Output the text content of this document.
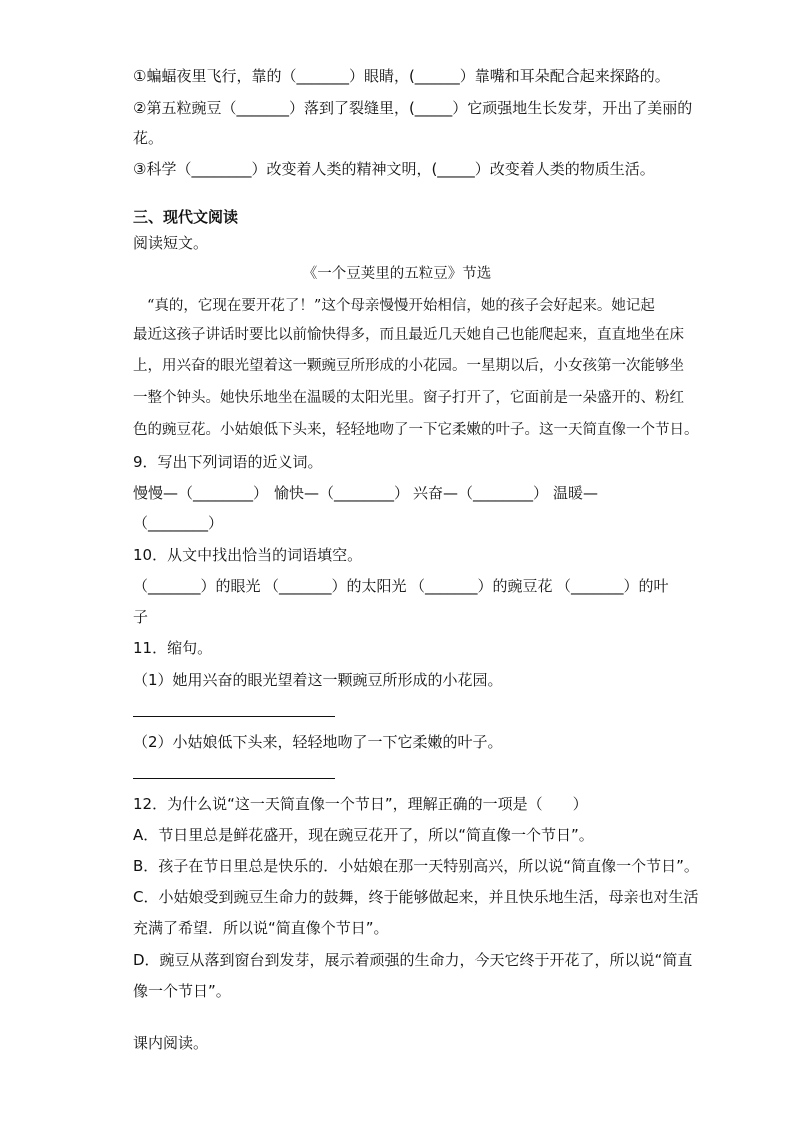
①蝙蝠夜里飞行，靠的（_______）眼睛，(______）靠嘴和耳朵配合起来探路的。
②第五粒豌豆（_______）落到了裂缝里，(_____）它顽强地生长发芽，开出了美丽的
花。
③科学（________）改变着人类的精神文明，(_____）改变着人类的物质生活。
三、现代文阅读
阅读短文。
《一个豆荚里的五粒豆》节选
“真的，它现在要开花了！”这个母亲慢慢开始相信，她的孩子会好起来。她记起
最近这孩子讲话时要比以前愉快得多，而且最近几天她自己也能爬起来，直直地坐在床
上，用兴奋的眼光望着这一颗豌豆所形成的小花园。一星期以后，小女孩第一次能够坐
一整个钟头。她快乐地坐在温暖的太阳光里。窗子打开了，它面前是一朵盛开的、粉红
色的豌豆花。小姑娘低下头来，轻轻地吻了一下它柔嫩的叶子。这一天简直像一个节日。
9．写出下列词语的近义词。
慢慢—（________） 愉快—（________） 兴奋—（________） 温暖—
（________）
10．从文中找出恰当的词语填空。
（_______）的眼光 （_______）的太阳光 （_______）的豌豆花 （_______）的叶
子
11．缩句。
（1）她用兴奋的眼光望着这一颗豌豆所形成的小花园。
（2）小姑娘低下头来，轻轻地吻了一下它柔嫩的叶子。
12．为什么说“这一天简直像一个节日”，理解正确的一项是（　　）
A．节日里总是鲜花盛开，现在豌豆花开了，所以“简直像一个节日”。
B．孩子在节日里总是快乐的．小姑娘在那一天特别高兴，所以说“简直像一个节日”。
C．小姑娘受到豌豆生命力的鼓舞，终于能够做起来，并且快乐地生活，母亲也对生活
充满了希望．所以说“简直像个节日”。
D．豌豆从落到窗台到发芽，展示着顽强的生命力，今天它终于开花了，所以说“简直
像一个节日”。
课内阅读。
